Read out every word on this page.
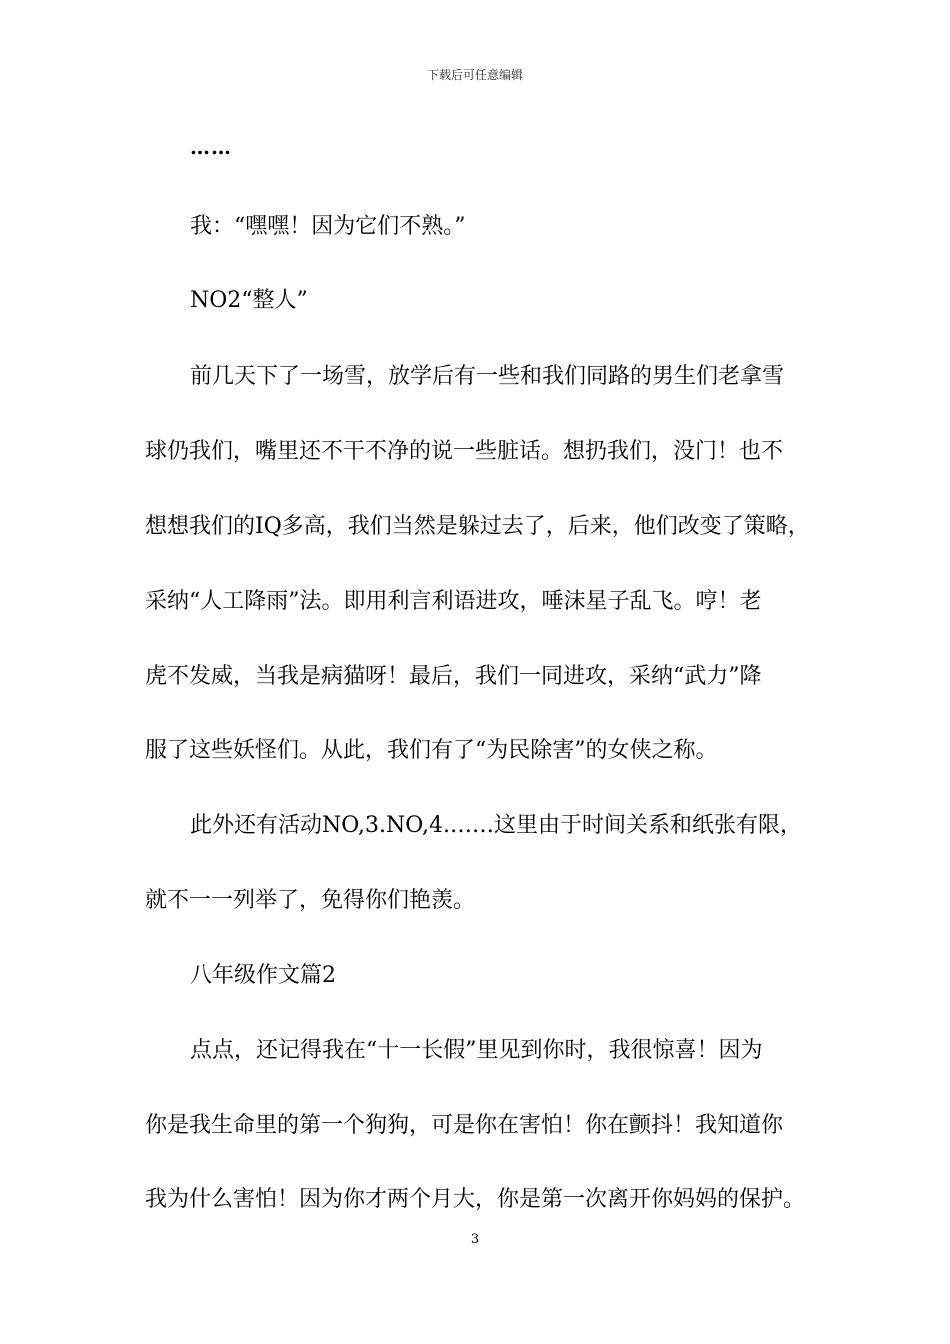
下载后可任意编辑
……
我：“嘿嘿！因为它们不熟。”
NO2“整人”
前几天下了一场雪，放学后有一些和我们同路的男生们老拿雪
球仍我们，嘴里还不干不净的说一些脏话。想扔我们，没门！也不
想想我们的IQ多高，我们当然是躲过去了，后来，他们改变了策略，
采纳“人工降雨”法。即用利言利语进攻，唾沫星子乱飞。哼！老
虎不发威，当我是病猫呀！最后，我们一同进攻，采纳“武力”降
服了这些妖怪们。从此，我们有了“为民除害”的女侠之称。
此外还有活动NO,3.NO,4.……这里由于时间关系和纸张有限，
就不一一列举了，免得你们艳羡。
八年级作文篇2
点点，还记得我在“十一长假”里见到你时，我很惊喜！因为
你是我生命里的第一个狗狗，可是你在害怕！你在颤抖！我知道你
我为什么害怕！因为你才两个月大，你是第一次离开你妈妈的保护。
3
